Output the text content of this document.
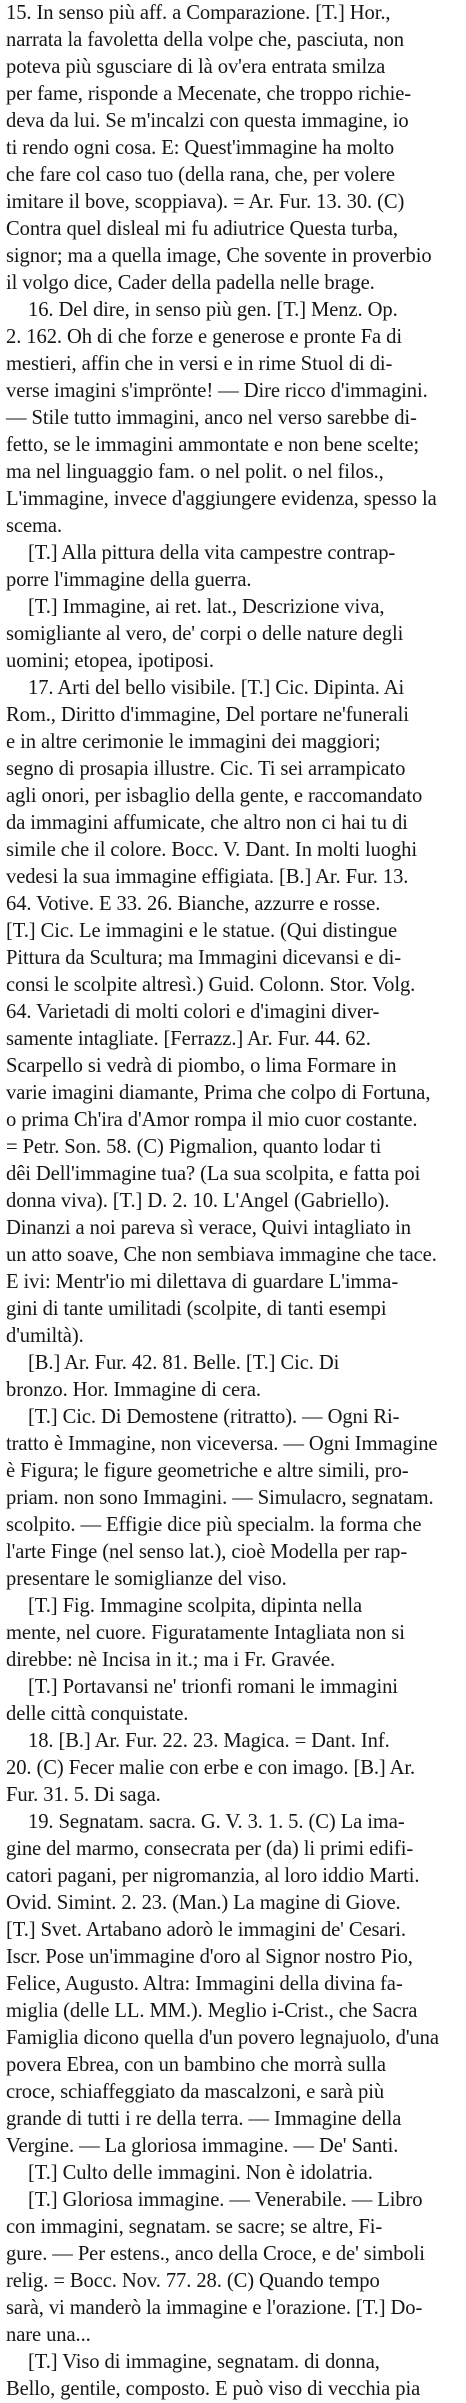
15. In senso più aff. a Comparazione. [T.] Hor.,
narrata la favoletta della volpe che, pasciuta, non
poteva più sgusciare di là ov'era entrata smilza
per fame, risponde a Mecenate, che troppo richie-
deva da lui. Se m'incalzi con questa immagine, io
ti rendo ogni cosa. E: Quest'immagine ha molto
che fare col caso tuo (della rana, che, per volere
imitare il bove, scoppiava). = Ar. Fur. 13. 30. (C)
Contra quel disleal mi fu adiutrice Questa turba,
signor; ma a quella image, Che sovente in proverbio
il volgo dice, Cader della padella nelle brage.
16. Del dire, in senso più gen. [T.] Menz. Op.
2. 162. Oh di che forze e generose e pronte Fa di
mestieri, affin che in versi e in rime Stuol di di-
verse imagini s'imprönte! — Dire ricco d'immagini.
— Stile tutto immagini, anco nel verso sarebbe di-
fetto, se le immagini ammontate e non bene scelte;
ma nel linguaggio fam. o nel polit. o nel filos.,
L'immagine, invece d'aggiungere evidenza, spesso la
scema.
[T.] Alla pittura della vita campestre contrap-
porre l'immagine della guerra.
[T.] Immagine, ai ret. lat., Descrizione viva,
somigliante al vero, de' corpi o delle nature degli
uomini; etopea, ipotiposi.
17. Arti del bello visibile. [T.] Cic. Dipinta. Ai
Rom., Diritto d'immagine, Del portare ne'funerali
e in altre cerimonie le immagini dei maggiori;
segno di prosapia illustre. Cic. Ti sei arrampicato
agli onori, per isbaglio della gente, e raccomandato
da immagini affumicate, che altro non ci hai tu di
simile che il colore. Bocc. V. Dant. In molti luoghi
vedesi la sua immagine effigiata. [B.] Ar. Fur. 13.
64. Votive. E 33. 26. Bianche, azzurre e rosse.
[T.] Cic. Le immagini e le statue. (Qui distingue
Pittura da Scultura; ma Immagini dicevansi e di-
consi le scolpite altresì.) Guid. Colonn. Stor. Volg.
64. Varietadi di molti colori e d'imagini diver-
samente intagliate. [Ferrazz.] Ar. Fur. 44. 62.
Scarpello si vedrà di piombo, o lima Formare in
varie imagini diamante, Prima che colpo di Fortuna,
o prima Ch'ira d'Amor rompa il mio cuor costante.
= Petr. Son. 58. (C) Pigmalion, quanto lodar ti
dêi Dell'immagine tua? (La sua scolpita, e fatta poi
donna viva). [T.] D. 2. 10. L'Angel (Gabriello).
Dinanzi a noi pareva sì verace, Quivi intagliato in
un atto soave, Che non sembiava immagine che tace.
E ivi: Mentr'io mi dilettava di guardare L'imma-
gini di tante umilitadi (scolpite, di tanti esempi
d'umiltà).
[B.] Ar. Fur. 42. 81. Belle. [T.] Cic. Di
bronzo. Hor. Immagine di cera.
[T.] Cic. Di Demostene (ritratto). — Ogni Ri-
tratto è Immagine, non viceversa. — Ogni Immagine
è Figura; le figure geometriche e altre simili, pro-
priam. non sono Immagini. — Simulacro, segnatam.
scolpito. — Effigie dice più specialm. la forma che
l'arte Finge (nel senso lat.), cioè Modella per rap-
presentare le somiglianze del viso.
[T.] Fig. Immagine scolpita, dipinta nella
mente, nel cuore. Figuratamente Intagliata non si
direbbe: nè Incisa in it.; ma i Fr. Gravée.
[T.] Portavansi ne' trionfi romani le immagini
delle città conquistate.
18. [B.] Ar. Fur. 22. 23. Magica. = Dant. Inf.
20. (C) Fecer malie con erbe e con imago. [B.] Ar.
Fur. 31. 5. Di saga.
19. Segnatam. sacra. G. V. 3. 1. 5. (C) La ima-
gine del marmo, consecrata per (da) li primi edifi-
catori pagani, per nigromanzia, al loro iddio Marti.
Ovid. Simint. 2. 23. (Man.) La magine di Giove.
[T.] Svet. Artabano adorò le immagini de' Cesari.
Iscr. Pose un'immagine d'oro al Signor nostro Pio,
Felice, Augusto. Altra: Immagini della divina fa-
miglia (delle LL. MM.). Meglio i-Crist., che Sacra
Famiglia dicono quella d'un povero legnajuolo, d'una
povera Ebrea, con un bambino che morrà sulla
croce, schiaffeggiato da mascalzoni, e sarà più
grande di tutti i re della terra. — Immagine della
Vergine. — La gloriosa immagine. — De' Santi.
[T.] Culto delle immagini. Non è idolatria.
[T.] Gloriosa immagine. — Venerabile. — Libro
con immagini, segnatam. se sacre; se altre, Fi-
gure. — Per estens., anco della Croce, e de' simboli
relig. = Bocc. Nov. 77. 28. (C) Quando tempo
sarà, vi manderò la immagine e l'orazione. [T.] Do-
nare una...
[T.] Viso di immagine, segnatam. di donna,
Bello, gentile, composto. E può viso di vecchia pia
